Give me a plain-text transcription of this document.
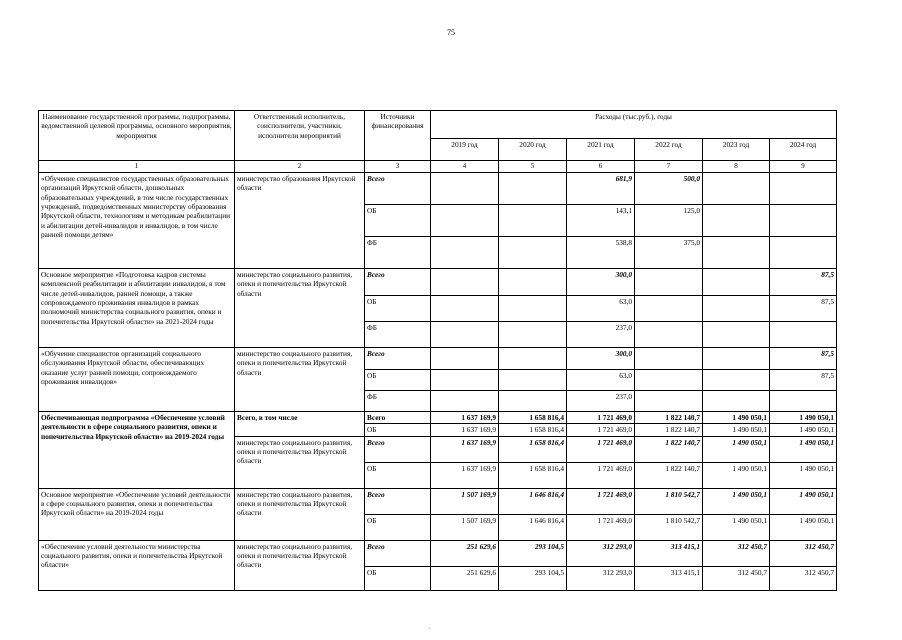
75
Наименование государственной программы, подпрограммы, ведомственной целевой программы, основного мероприятия, мероприятия	Ответственный исполнитель, соисполнители, участники, исполнители мероприятий	Источники финансирования	Расходы (тыс.руб.), годы					
			2019 год	2020 год	2021 год	2022 год	2023 год	2024 год
1	2	3	4	5	6	7	8	9
«Обучение специалистов государственных образовательных организаций Иркутской области, дошкольных образовательных учреждений, в том числе государственных учреждений, подведомственных министерству образования Иркутской области, технологиям и методикам реабилитации и абилитации детей-инвалидов и инвалидов, в том числе ранней помощи детям»	министерство образования Иркутской области	Всего			681,9	500,0		
		ОБ			143,1	125,0		
		ФБ			538,8	375,0		
Основное мероприятие «Подготовка кадров системы комплексной реабилитации и абилитации инвалидов, в том числе детей-инвалидов, ранней помощи, а также сопровождаемого проживания инвалидов в рамках полномочий министерства социального развития, опеки и попечительства Иркутской области» на 2021-2024 годы	министерство социального развития, опеки и попечительства Иркутской области	Всего			300,0			87,5
		ОБ			63,0			87,5
		ФБ			237,0			
«Обучение специалистов организаций социального обслуживания Иркутской области, обеспечивающих оказание услуг ранней помощи, сопровождаемого проживания инвалидов»	министерство социального развития, опеки и попечительства Иркутской области	Всего			300,0			87,5
		ОБ			63,0			87,5
		ФБ			237,0			
Обеспечивающая подпрограмма «Обеспечение условий деятельности в сфере социального развития, опеки и попечительства Иркутской области» на 2019-2024 годы	Всего, в том числе	Всего	1 637 169,9	1 658 816,4	1 721 469,0	1 822 140,7	1 490 050,1	1 490 050,1
		ОБ	1 637 169,9	1 658 816,4	1 721 469,0	1 822 140,7	1 490 050,1	1 490 050,1
	министерство социального развития, опеки и попечительства Иркутской области	Всего	1 637 169,9	1 658 816,4	1 721 469,0	1 822 140,7	1 490 050,1	1 490 050,1
		ОБ	1 637 169,9	1 658 816,4	1 721 469,0	1 822 140,7	1 490 050,1	1 490 050,1
Основное мероприятие «Обеспечение условий деятельности в сфере социального развития, опеки и попечительства Иркутской области» на 2019-2024 годы	министерство социального развития, опеки и попечительства Иркутской области	Всего	1 507 169,9	1 646 816,4	1 721 469,0	1 810 542,7	1 490 050,1	1 490 050,1
		ОБ	1 507 169,9	1 646 816,4	1 721 469,0	1 810 542,7	1 490 050,1	1 490 050,1
«Обеспечение условий деятельности министерства социального развития, опеки и попечительства Иркутской области»	министерство социального развития, опеки и попечительства Иркутской области	Всего	251 629,6	293 104,5	312 293,0	313 415,1	312 450,7	312 450,7
		ОБ	251 629,6	293 104,5	312 293,0	313 415,1	312 450,7	312 450,7
·
